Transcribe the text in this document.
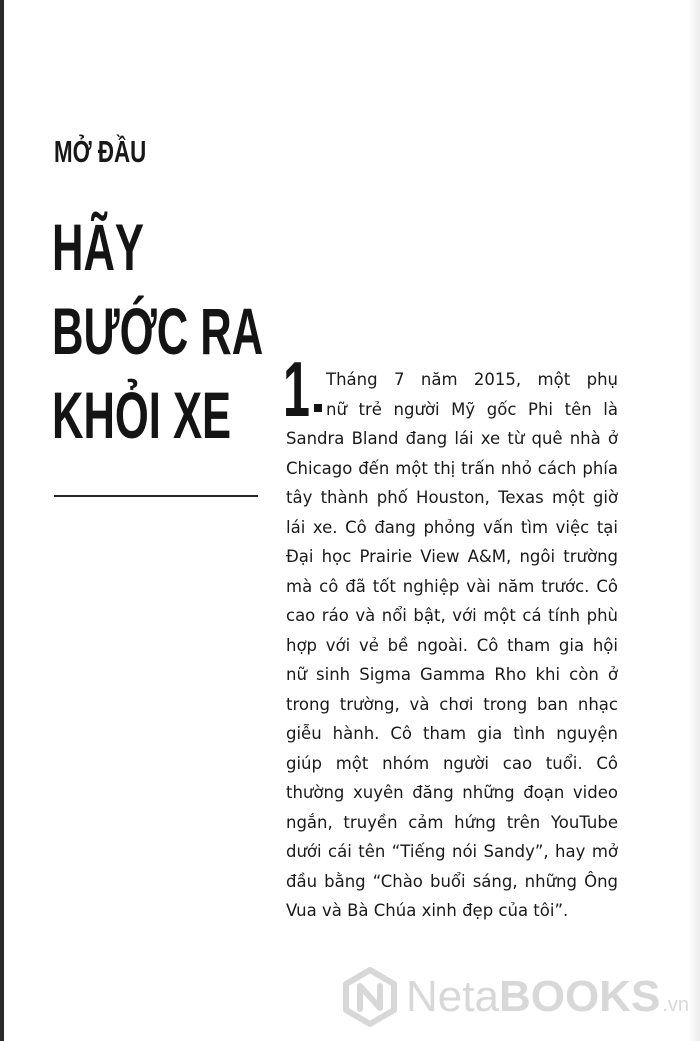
MỞ ĐẦU
HÃY
BƯỚC RA
KHỎI XE 1 Tháng 7 năm 2015, một phụ
nữ trẻ người Mỹ gốc Phi tên là
Sandra Bland đang lái xe từ quê nhà ở
Chicago đến một thị trấn nhỏ cách phía
tây thành phố Houston, Texas một giờ
lái xe. Cô đang phỏng vấn tìm việc tại
Đại học Prairie View A&M, ngôi trường
mà cô đã tốt nghiệp vài năm trước. Cô
cao ráo và nổi bật, với một cá tính phù
hợp với vẻ bề ngoài. Cô tham gia hội
nữ sinh Sigma Gamma Rho khi còn ở
trong trường, và chơi trong ban nhạc
giễu hành. Cô tham gia tình nguyện
giúp một nhóm người cao tuổi. Cô
thường xuyên đăng những đoạn video
ngắn, truyền cảm hứng trên YouTube
dưới cái tên “Tiếng nói Sandy”, hay mở
đầu bằng “Chào buổi sáng, những Ông
Vua và Bà Chúa xinh đẹp của tôi”.
NetaBOOKS .vn
